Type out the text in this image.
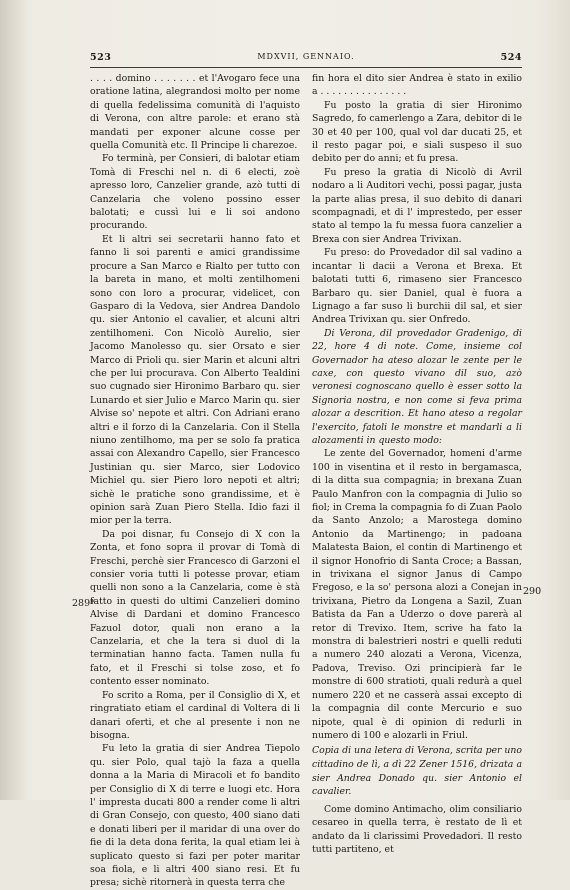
523	MDXVII, GENNAIO.	524

. . . . domino . . . . . . . et l'Avogaro fece una oratione latina, alegrandosi molto per nome di quella fedelissima comunità di l'aquisto di Verona, con altre parole: et erano stà mandati per exponer alcune cosse per quella Comunità etc. Il Principe li charezoe.

Fo terminà, per Consieri, di balotar etiam Tomà di Freschi nel n. di 6 electi, zoè apresso loro, Canzelier grande, azò tutti di Canzelaria che voleno possino esser balotati; e cussì lui e li soi andono procurando.

Et li altri sei secretarii hanno fato et fanno li soi parenti e amici grandissime procure a San Marco e Rialto per tutto con la bareta in mano, et molti zentilhomeni sono con loro a procurar, videlicet, con Gasparo di la Vedova, sier Andrea Dandolo qu. sier Antonio el cavalier, et alcuni altri zentilhomeni. Con Nicolò Aurelio, sier Jacomo Manolesso qu. sier Orsato e sier Marco di Prioli qu. sier Marin et alcuni altri che per lui procurava. Con Alberto Tealdini suo cugnado sier Hironimo Barbaro qu. sier Lunardo et sier Julio e Marco Marin qu. sier Alvise so' nepote et altri. Con Adriani erano altri e il forzo di la Canzelaria. Con il Stella niuno zentilhomo, ma per se solo fa pratica assai con Alexandro Capello, sier Francesco Justinian qu. sier Marco, sier Lodovico Michiel qu. sier Piero loro nepoti et altri; sichè le pratiche sono grandissime, et è opinion sarà Zuan Piero Stella. Idio fazi il mior per la terra.

Da poi disnar, fu Consejo di X con la Zonta, et fono sopra il provar di Tomà di Freschi, perchè sier Francesco di Garzoni el consier voria tutti li potesse provar, etiam quelli non sono a la Canzelaria, come è stà fatto in questi do ultimi Canzelieri domino Alvise di Dardani et domino Francesco Fazuol dotor, quali non erano a la Canzelaria, et che la tera si duol di la terminatian hanno facta. Tamen nulla fu fato, et il Freschi si tolse zoso, et fo contento esser nominato.

Fo scrito a Roma, per il Consiglio di X, et ringratiato etiam el cardinal di Voltera di li danari oferti, et che al presente i non ne bisogna.

Fu leto la gratia di sier Andrea Tiepolo qu. sier Polo, qual tajò la faza a quella donna a la Maria di Miracoli et fo bandito per Consiglio di X di terre e luogi etc. Hora l' impresta ducati 800 a render come li altri di Gran Consejo, con questo, 400 siano dati e donati liberi per il maridar di una over do fie di la deta dona ferita, la qual etiam lei à suplicato questo si fazi per poter maritar soa fiola, e li altri 400 siano resi. Et fu presa; sichè ritornerà in questa terra che

fin hora el dito sier Andrea è stato in exilio a . . . . . . . . . . . . . . .

Fu posto la gratia di sier Hironimo Sagredo, fo camerlengo a Zara, debitor di le 30 et 40 per 100, qual vol dar ducati 25, et il resto pagar poi, e siali suspeso il suo debito per do anni; et fu presa.

Fu preso la gratia di Nicolò di Avril nodaro a li Auditori vechi, possi pagar, justa la parte alias presa, il suo debito di danari scompagnadi, et di l' imprestedo, per esser stato al tempo la fu messa fuora canzelier a Brexa con sier Andrea Trivixan.

Fu preso: do Provedador dil sal vadino a incantar li dacii a Verona et Brexa. Et balotati tutti 6, rimaseno sier Francesco Barbaro qu. sier Daniel, qual è fuora a Lignago a far suso li burchii dil sal, et sier Andrea Trivixan qu. sier Onfredo.

Di Verona, dil provedador Gradenigo, di 22, hore 4 di note. Come, insieme col Governador ha ateso alozar le zente per le caxe, con questo vivano dil suo, azò veronesi cognoscano quello è esser sotto la Signoria nostra, e non come si feva prima alozar a descrition. Et hano ateso a regolar l'exercito, fatoli le monstre et mandarli a li alozamenti in questo modo:

Le zente del Governador, homeni d'arme 100 in visentina et il resto in bergamasca, di la ditta sua compagnia; in brexana Zuan Paulo Manfron con la compagnia di Julio so fiol; in Crema la compagnia fo di Zuan Paolo da Santo Anzolo; a Marostega domino Antonio da Martinengo; in padoana Malatesta Baion, el contin di Martinengo et il signor Honofrio di Santa Croce; a Bassan, in trivixana el signor Janus di Campo Fregoso, e la so' persona alozi a Conejan in trivixana, Pietro da Longena a Sazil, Zuan Batista da Fan a Uderzo o dove parerà al retor di Trevixo. Item, scrive ha fato la monstra di balestrieri nostri e quelli reduti a numero 240 alozati a Verona, Vicenza, Padova, Treviso. Ozi principierà far le monstre di 600 stratioti, quali redurà a quel numero 220 et ne casserà assai excepto di la compagnia dil conte Mercurio e suo nipote, qual è di opinion di redurli in numero di 100 e alozarli in Friul.

Copia di una letera di Verona, scrita per uno cittadino de lì, a dì 22 Zener 1516, drizata a sier Andrea Donado qu. sier Antonio el cavalier.

Come domino Antimacho, olim consiliario cesareo in quella terra, è restato de lì et andato da li clarissimi Provedadori. Il resto tutti partiteno, et

289*
290
